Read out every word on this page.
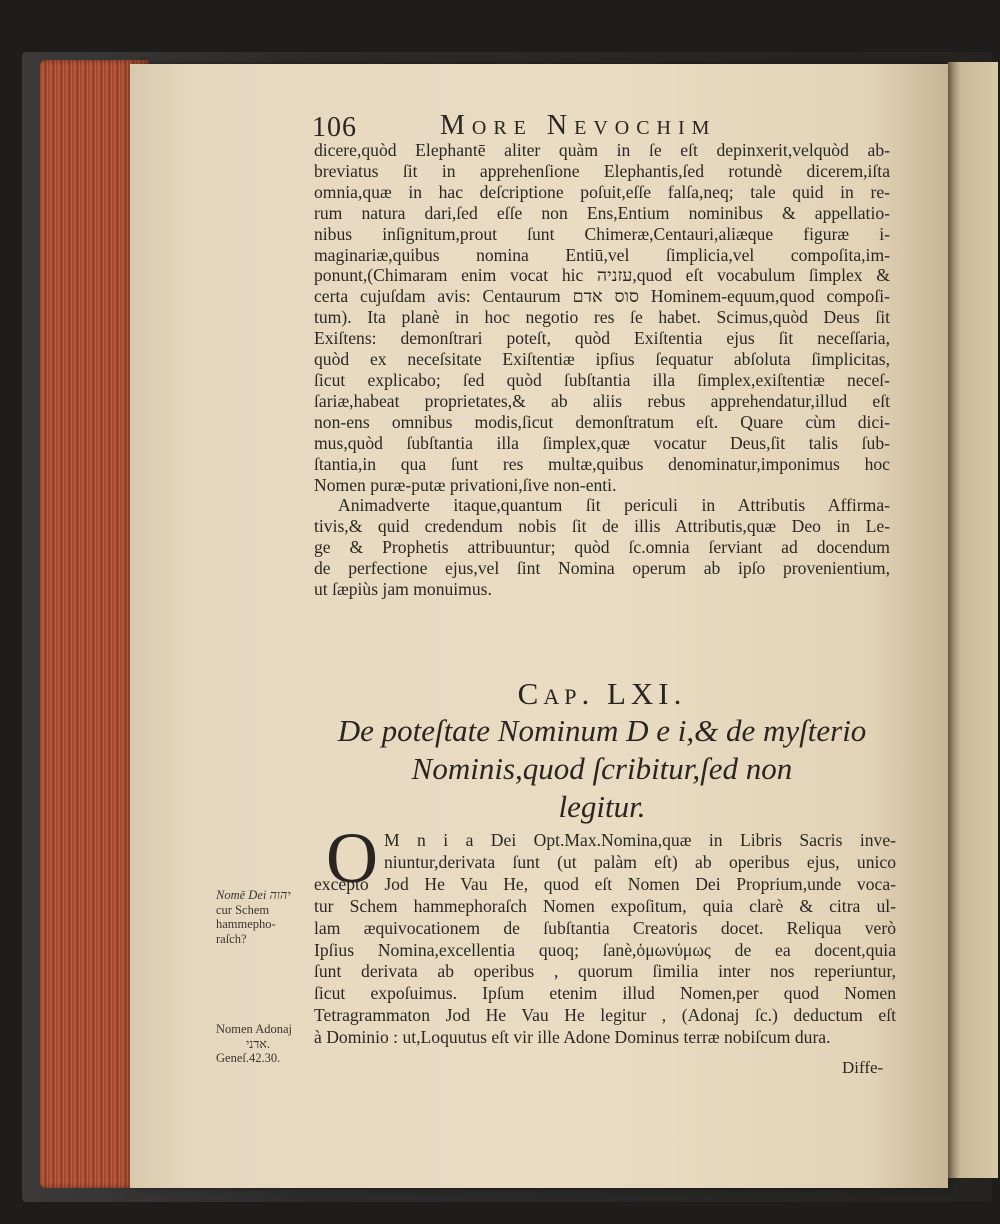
106	More Nevochim

dicere,quòd Elephantē aliter quàm in ſe eſt depinxerit,velquòd ab-
breviatus ſit in apprehenſione Elephantis,ſed rotundè dicerem,iſta
omnia,quæ in hac deſcriptione poſuit,eſſe falſa,neq; tale quid in re-
rum natura dari,ſed eſſe non Ens,Entium nominibus & appellatio-
nibus inſignitum,prout ſunt Chimeræ,Centauri,aliæque figuræ i-
maginariæ,quibus nomina Entiū,vel ſimplicia,vel compoſita,im-
ponunt,(Chimaram enim vocat hic עזניה,quod eſt vocabulum ſimplex &
certa cujuſdam avis: Centaurum סוס אדם Hominem-equum,quod compoſi-
tum). Ita planè in hoc negotio res ſe habet. Scimus,quòd Deus ſit
Exiſtens: demonſtrari poteſt, quòd Exiſtentia ejus ſit neceſſaria,
quòd ex neceſsitate Exiſtentiæ ipſius ſequatur abſoluta ſimplicitas,
ſicut explicabo; ſed quòd ſubſtantia illa ſimplex,exiſtentiæ neceſ-
ſariæ,habeat proprietates,& ab aliis rebus apprehendatur,illud eſt
non-ens omnibus modis,ſicut demonſtratum eſt. Quare cùm dici-
mus,quòd ſubſtantia illa ſimplex,quæ vocatur Deus,ſit talis ſub-
ſtantia,in qua ſunt res multæ,quibus denominatur,imponimus hoc
Nomen puræ-putæ privationi,ſive non-enti.

Animadverte itaque,quantum ſit periculi in Attributis Affirma-
tivis,& quid credendum nobis ſit de illis Attributis,quæ Deo in Le-
ge & Prophetis attribuuntur; quòd ſc.omnia ſerviant ad docendum
de perfectione ejus,vel ſint Nomina operum ab ipſo provenientium,
ut ſæpiùs jam monuimus.

Cap. LXI.
De poteſtate Nominum D e i,& de myſterio
Nominis,quod ſcribitur,ſed non
legitur.
O M n i a Dei Opt.Max.Nomina,quæ in Libris Sacris inve-
niuntur,derivata ſunt (ut palàm eſt) ab operibus ejus, unico
excepto Jod He Vau He, quod eſt Nomen Dei Proprium,unde voca-
tur Schem hammephoraſch Nomen expoſitum, quia clarè & citra ul-
lam æquivocationem de ſubſtantia Creatoris docet. Reliqua verò
Ipſius Nomina,excellentia quoq; ſanè,ὁμωνύμως de ea docent,quia
ſunt derivata ab operibus , quorum ſimilia inter nos reperiuntur,
ſicut expoſuimus. Ipſum etenim illud Nomen,per quod Nomen
Tetragrammaton Jod He Vau He legitur , (Adonaj ſc.) deductum eſt
à Dominio : ut,Loquutus eſt vir ille Adone Dominus terræ nobiſcum dura.
Nomē Dei יהוה
cur Schem
hammepho-
raſch?
Nomen Adonaj
אדני.
Geneſ.42.30.	Diffe-
